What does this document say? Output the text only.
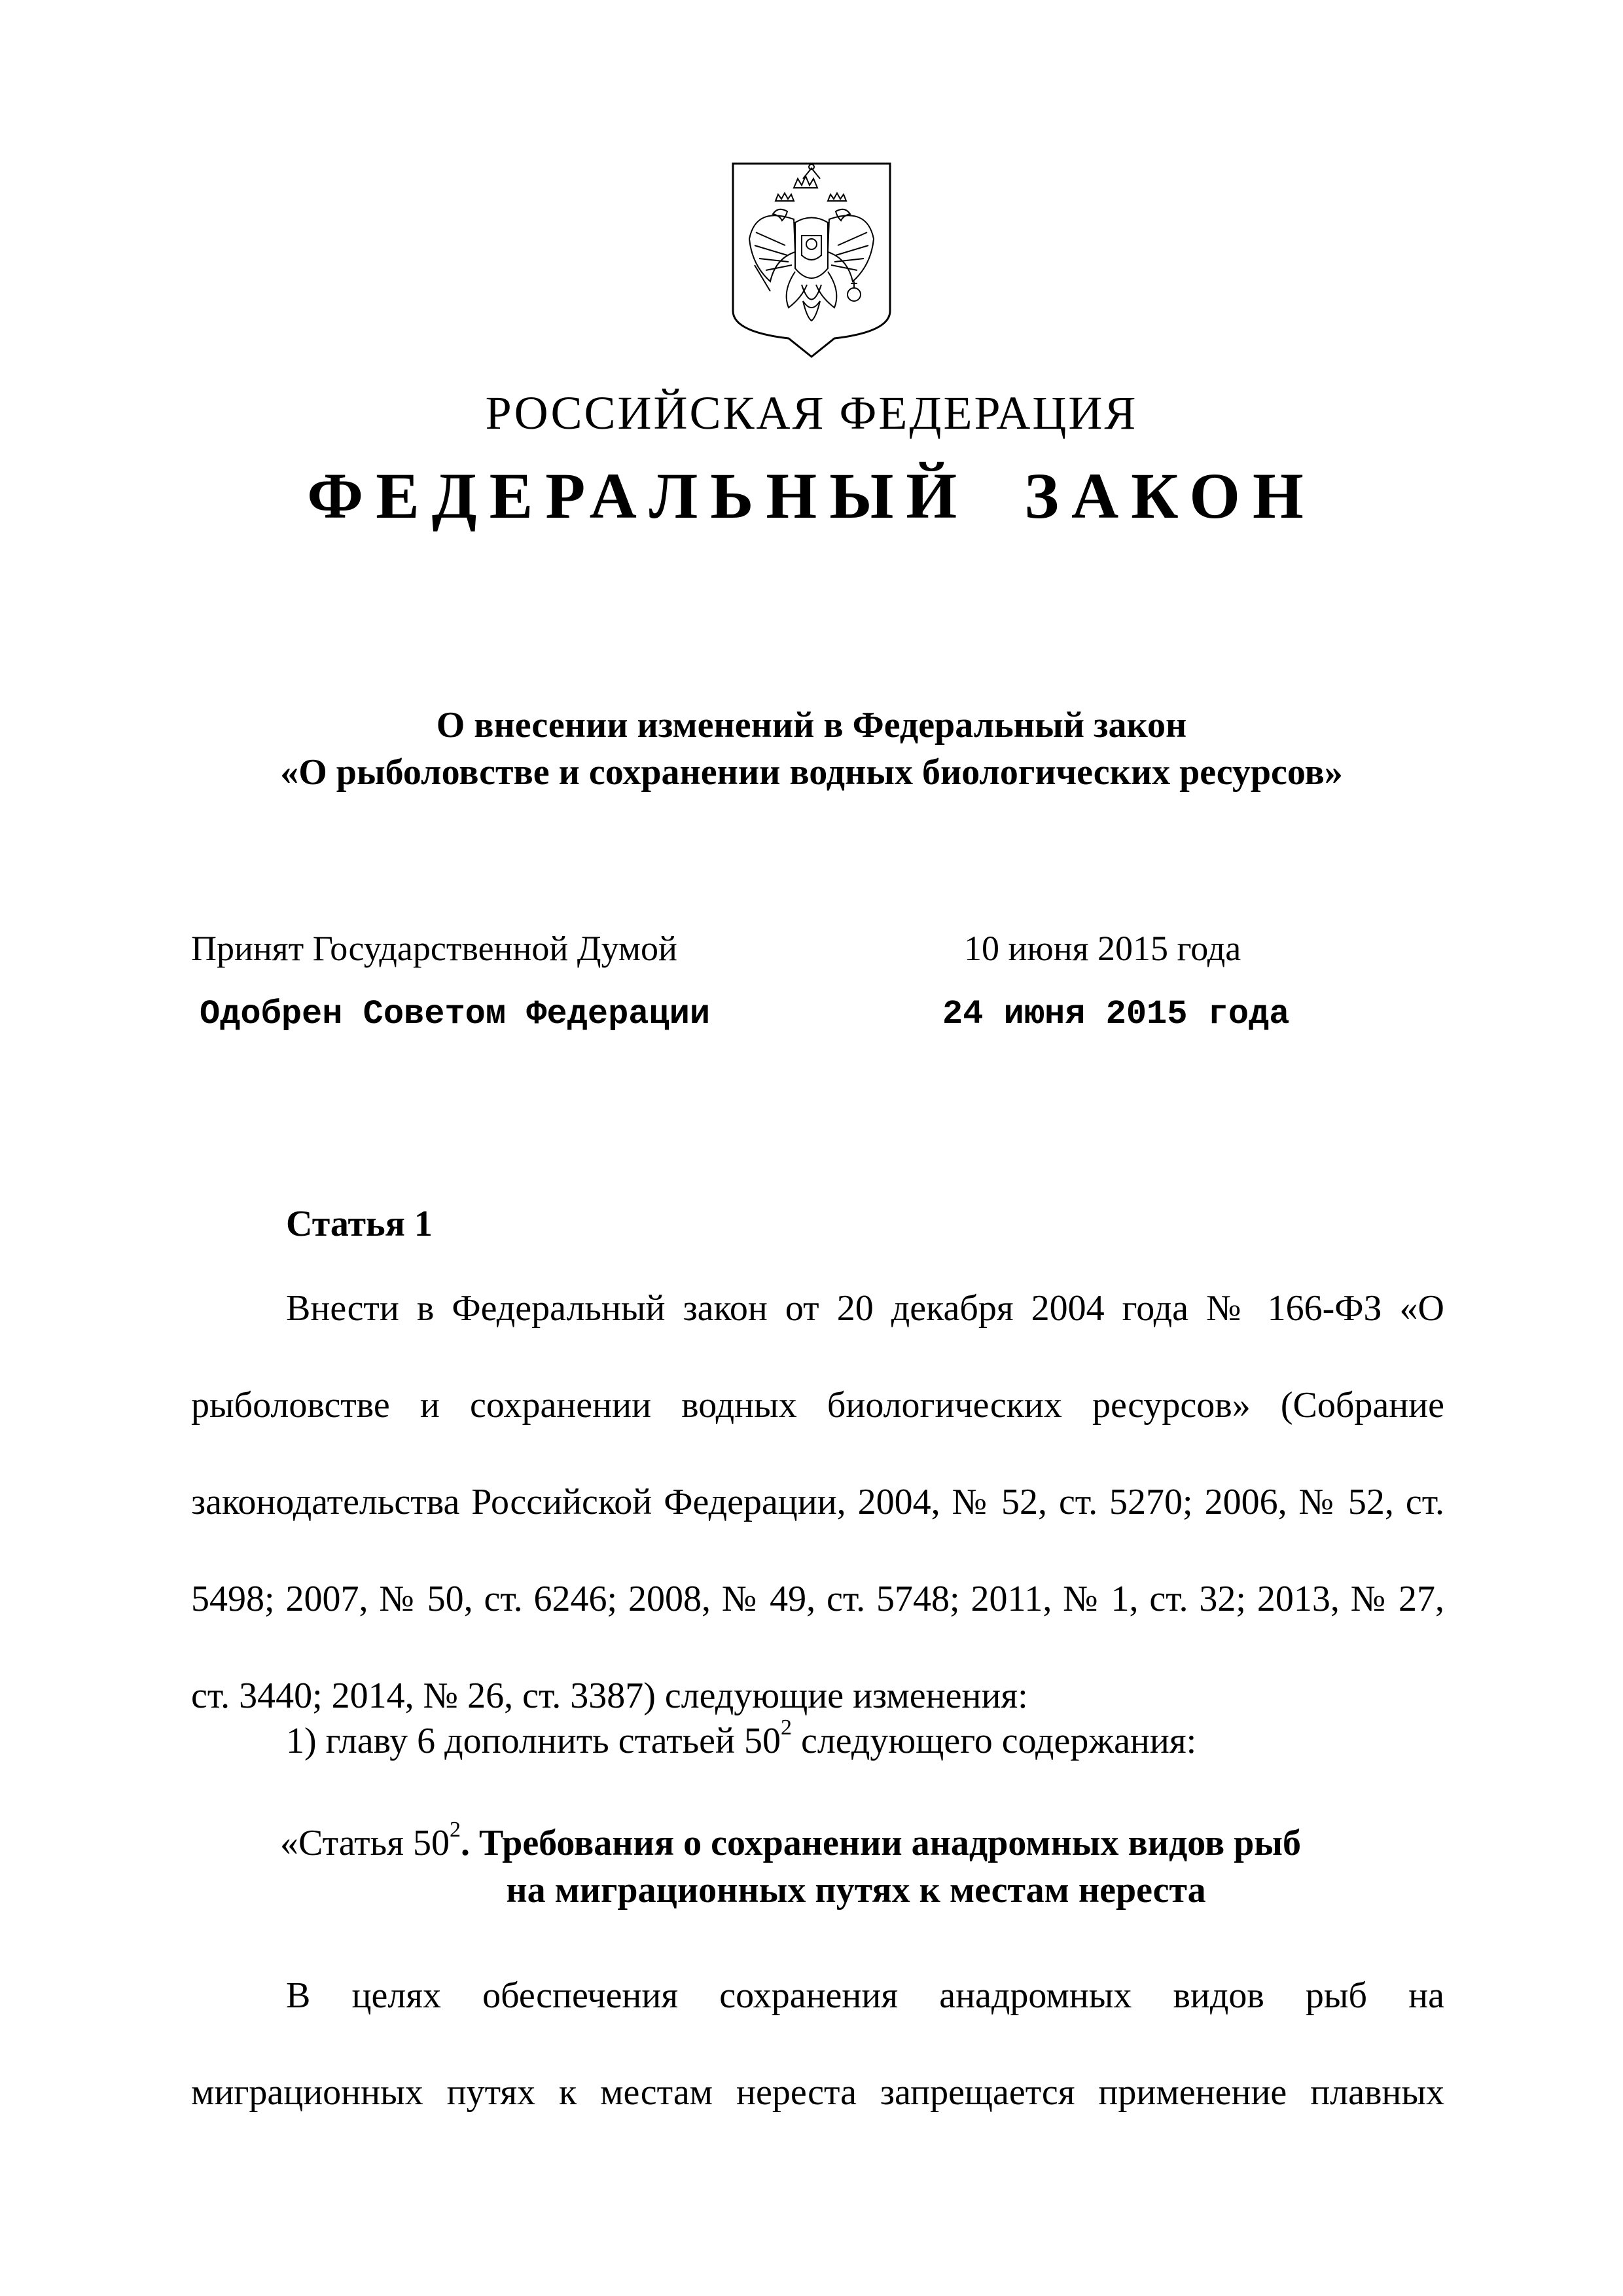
РОССИЙСКАЯ ФЕДЕРАЦИЯ
ФЕДЕРАЛЬНЫЙ ЗАКОН
О внесении изменений в Федеральный закон
«О рыболовстве и сохранении водных биологических ресурсов»
Принят Государственной Думой	10 июня 2015 года
Одобрен Советом Федерации	24 июня 2015 года
Статья 1

Внести в Федеральный закон от 20 декабря 2004 года № 166-ФЗ «О рыболовстве и сохранении водных биологических ресурсов» (Собрание законодательства Российской Федерации, 2004, № 52, ст. 5270; 2006, № 52, ст. 5498; 2007, № 50, ст. 6246; 2008, № 49, ст. 5748; 2011, № 1, ст. 32; 2013, № 27, ст. 3440; 2014, № 26, ст. 3387) следующие изменения:

1) главу 6 дополнить статьей $50^2$ следующего содержания:
«Статья $50^2$. Требования о сохранении анадромных видов рыб
на миграционных путях к местам нереста

В целях обеспечения сохранения анадромных видов рыб на миграционных путях к местам нереста запрещается применение плавных
